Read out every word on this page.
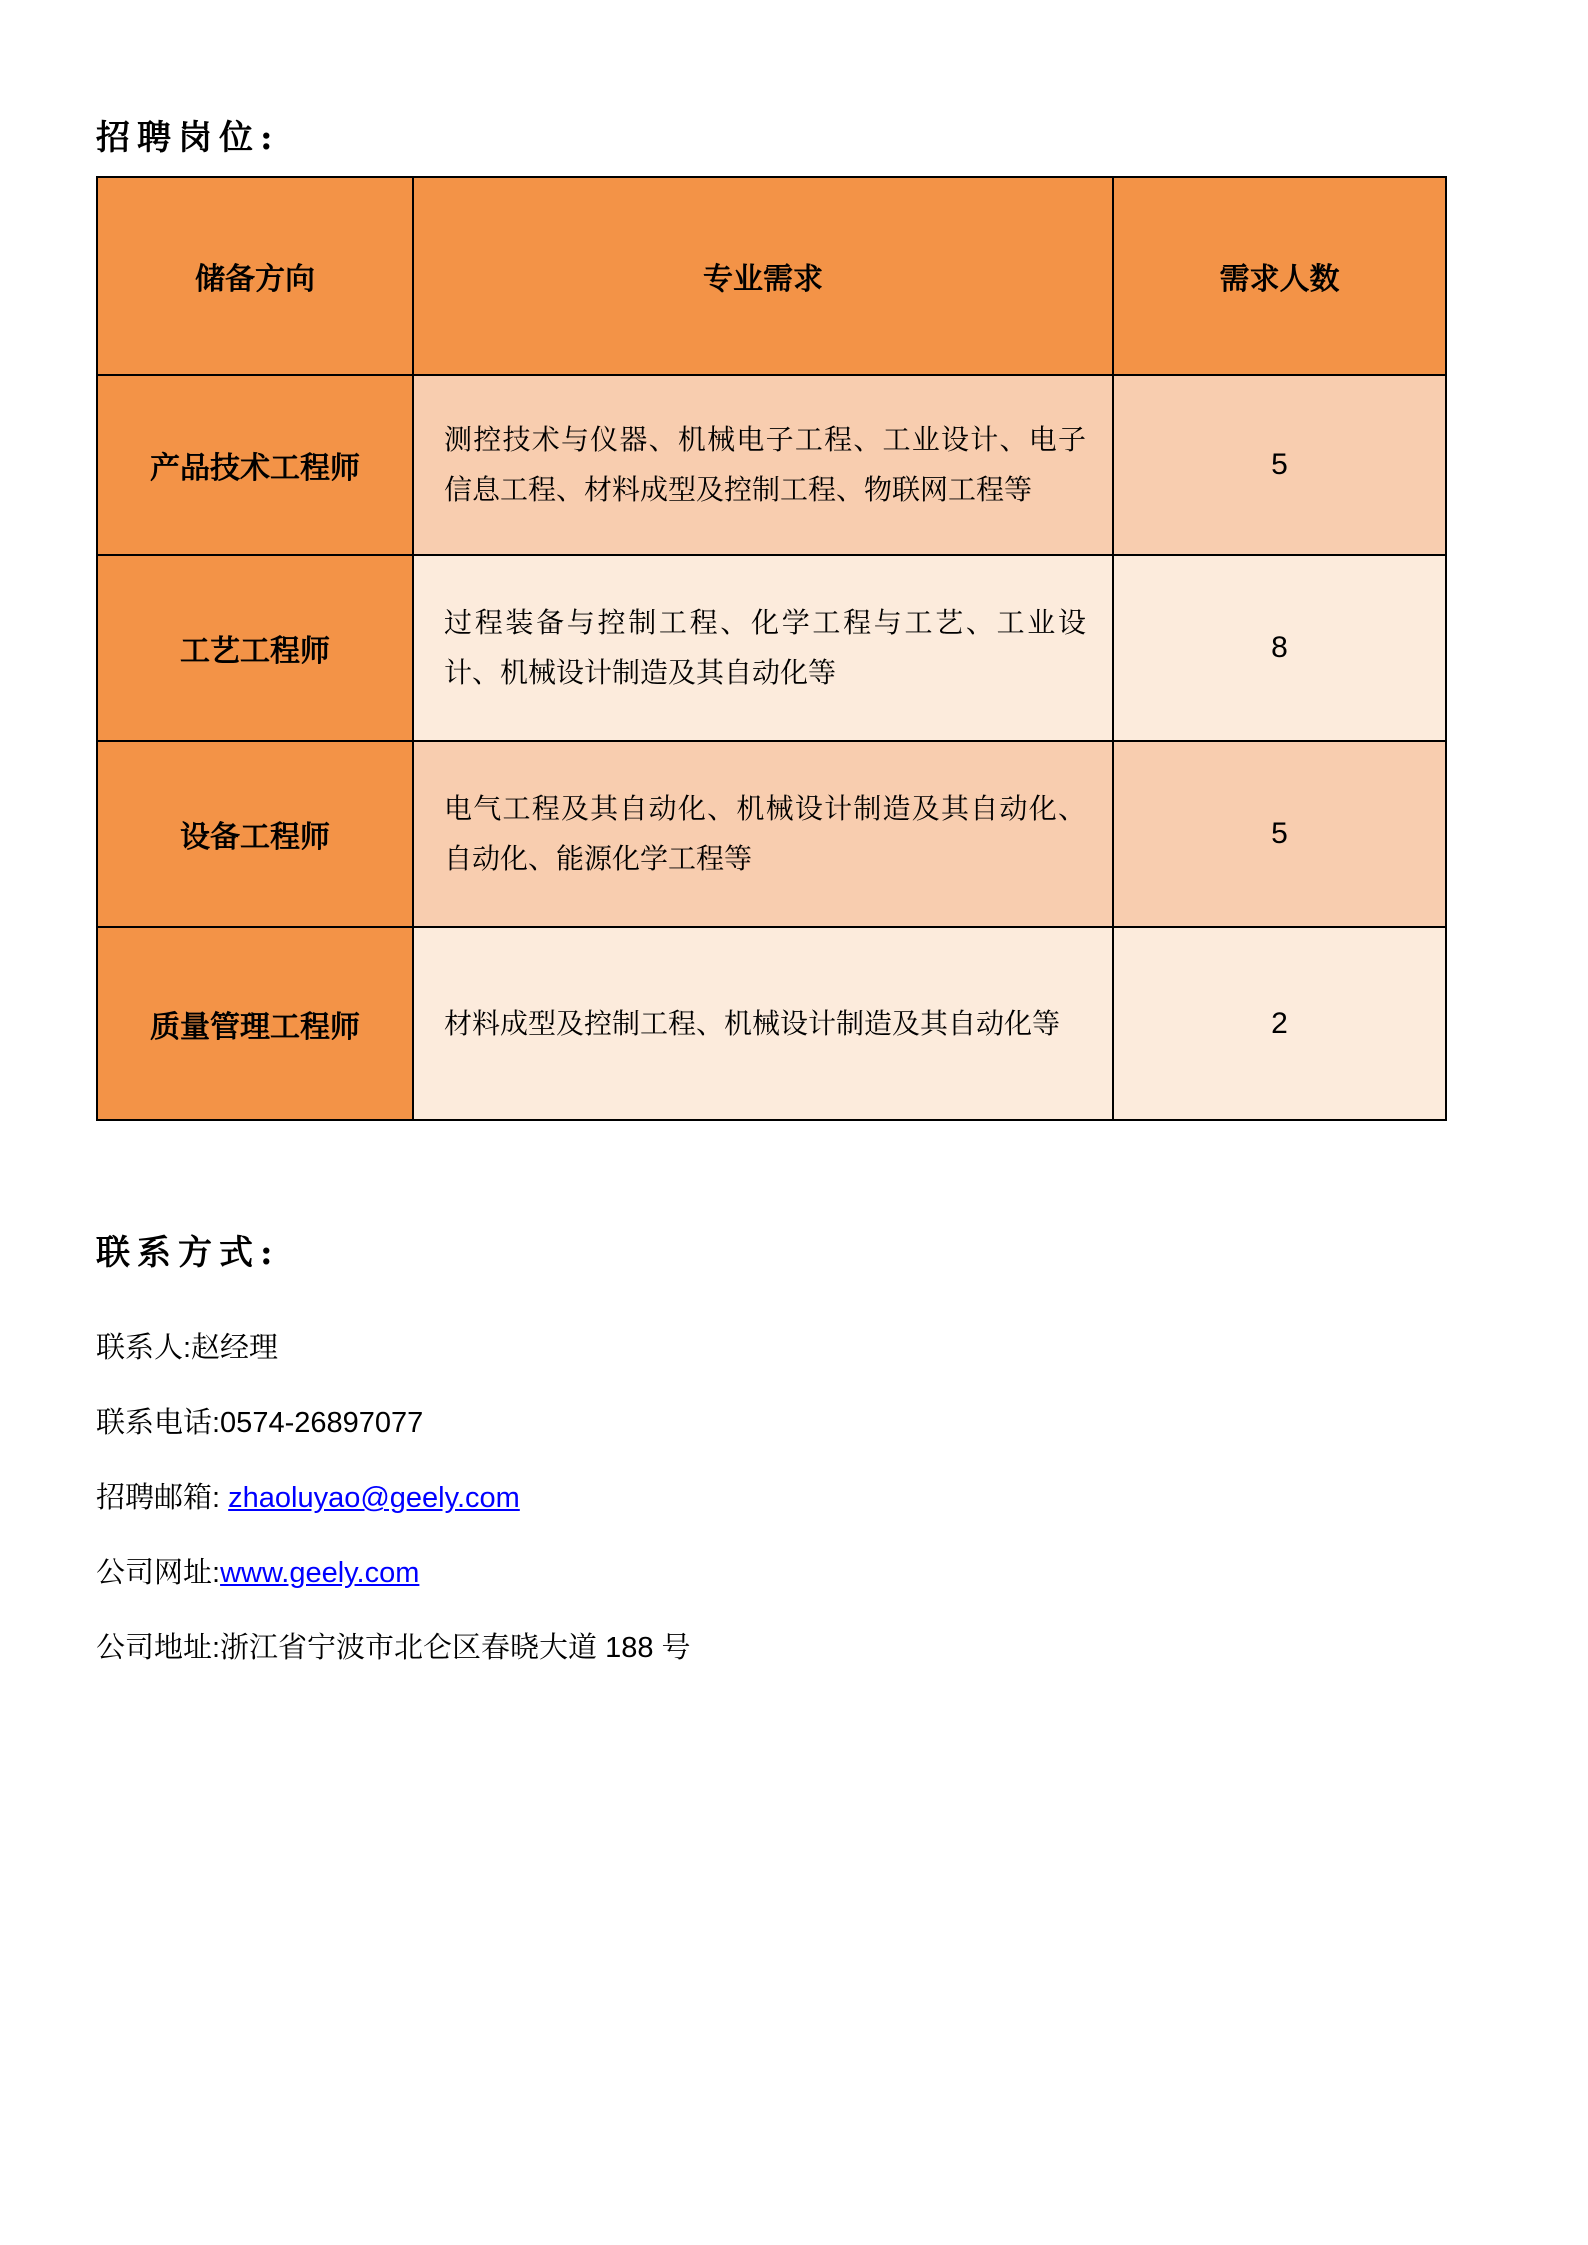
招聘岗位:
储备方向	专业需求	需求人数
产品技术工程师	测控技术与仪器、机械电子工程、工业设计、电子信息工程、材料成型及控制工程、物联网工程等	5
工艺工程师	过程装备与控制工程、化学工程与工艺、工业设计、机械设计制造及其自动化等	8
设备工程师	电气工程及其自动化、机械设计制造及其自动化、自动化、能源化学工程等	5
质量管理工程师	材料成型及控制工程、机械设计制造及其自动化等	2
联系方式:

联系人:赵经理

联系电话:0574-26897077

招聘邮箱: zhaoluyao@geely.com

公司网址:www.geely.com

公司地址:浙江省宁波市北仑区春晓大道 188 号
